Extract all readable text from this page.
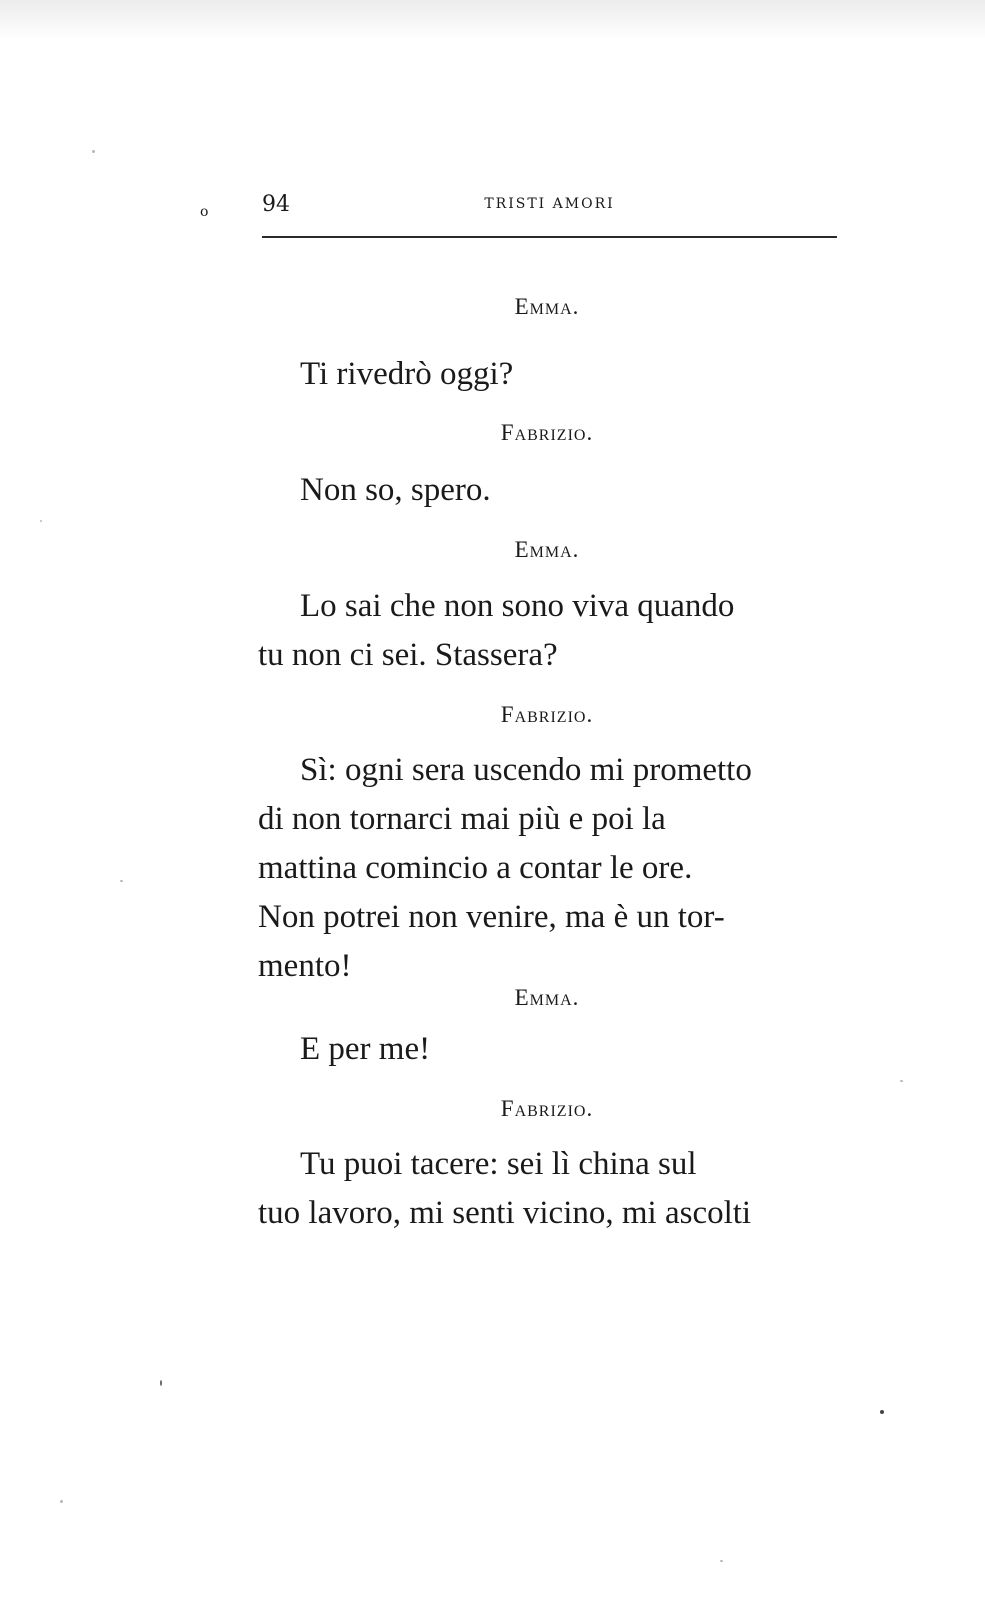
o 94	TRISTI AMORI
Emma.
Ti rivedrò oggi?
Fabrizio.
Non so, spero.
Emma.
Lo sai che non sono viva quando
tu non ci sei. Stassera?
Fabrizio.
Sì: ogni sera uscendo mi prometto
di non tornarci mai più e poi la
mattina comincio a contar le ore.
Non potrei non venire, ma è un tor-
mento!
Emma.
E per me!
Fabrizio.
Tu puoi tacere: sei lì china sul
tuo lavoro, mi senti vicino, mi ascolti
